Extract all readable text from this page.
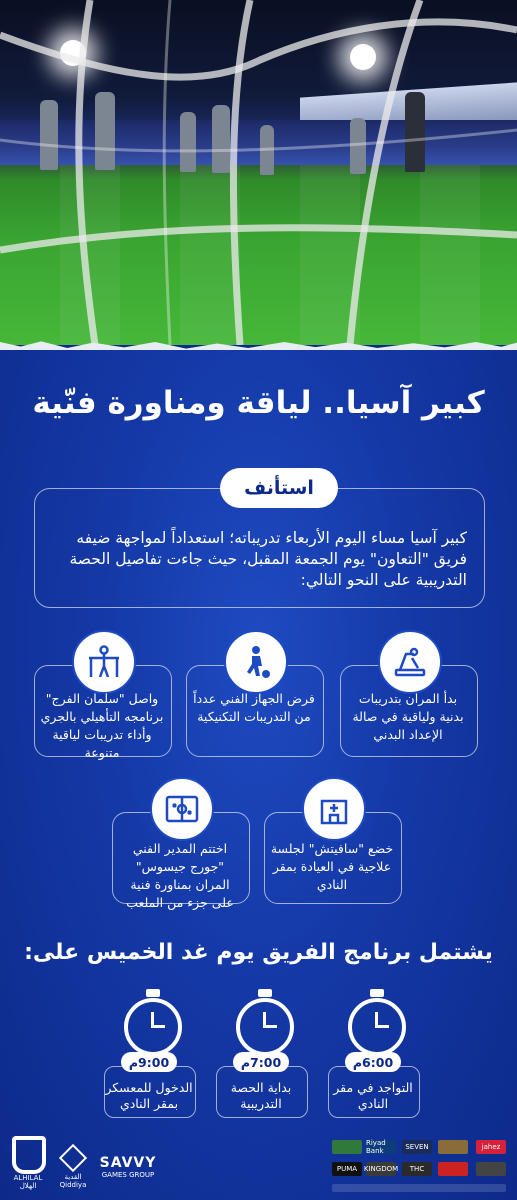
كبير آسيا.. لياقة ومناورة فنّية
استأنف
كبير آسيا مساء اليوم الأربعاء تدريباته؛ استعداداً لمواجهة ضيفه فريق "التعاون" يوم الجمعة المقبل، حيث جاءت تفاصيل الحصة التدريبية على النحو التالي:
بدأ المران بتدريبات بدنية ولياقية في صالة الإعداد البدني
فرض الجهاز الفني عدداً من التدريبات التكنيكية
واصل "سلمان الفرج" برنامجه التأهيلي بالجري وأداء تدريبات لياقية متنوعة
خضع "سافيتش" لجلسة علاجية في العيادة بمقر النادي
اختتم المدير الفني "جورج جيسوس" المران بمناورة فنية على جزء من الملعب
يشتمل برنامج الفريق يوم غد الخميس على:
6:00م
التواجد في مقر النادي
7:00م
بداية الحصة التدريبية
9:00م
الدخول للمعسكر بمقر النادي
ALHILAL
الهلال
القدية
Qiddiya
SAVVY
GAMES GROUP
jahez
SEVEN
PUMA	THC
KINGDOM
Riyad Bank
